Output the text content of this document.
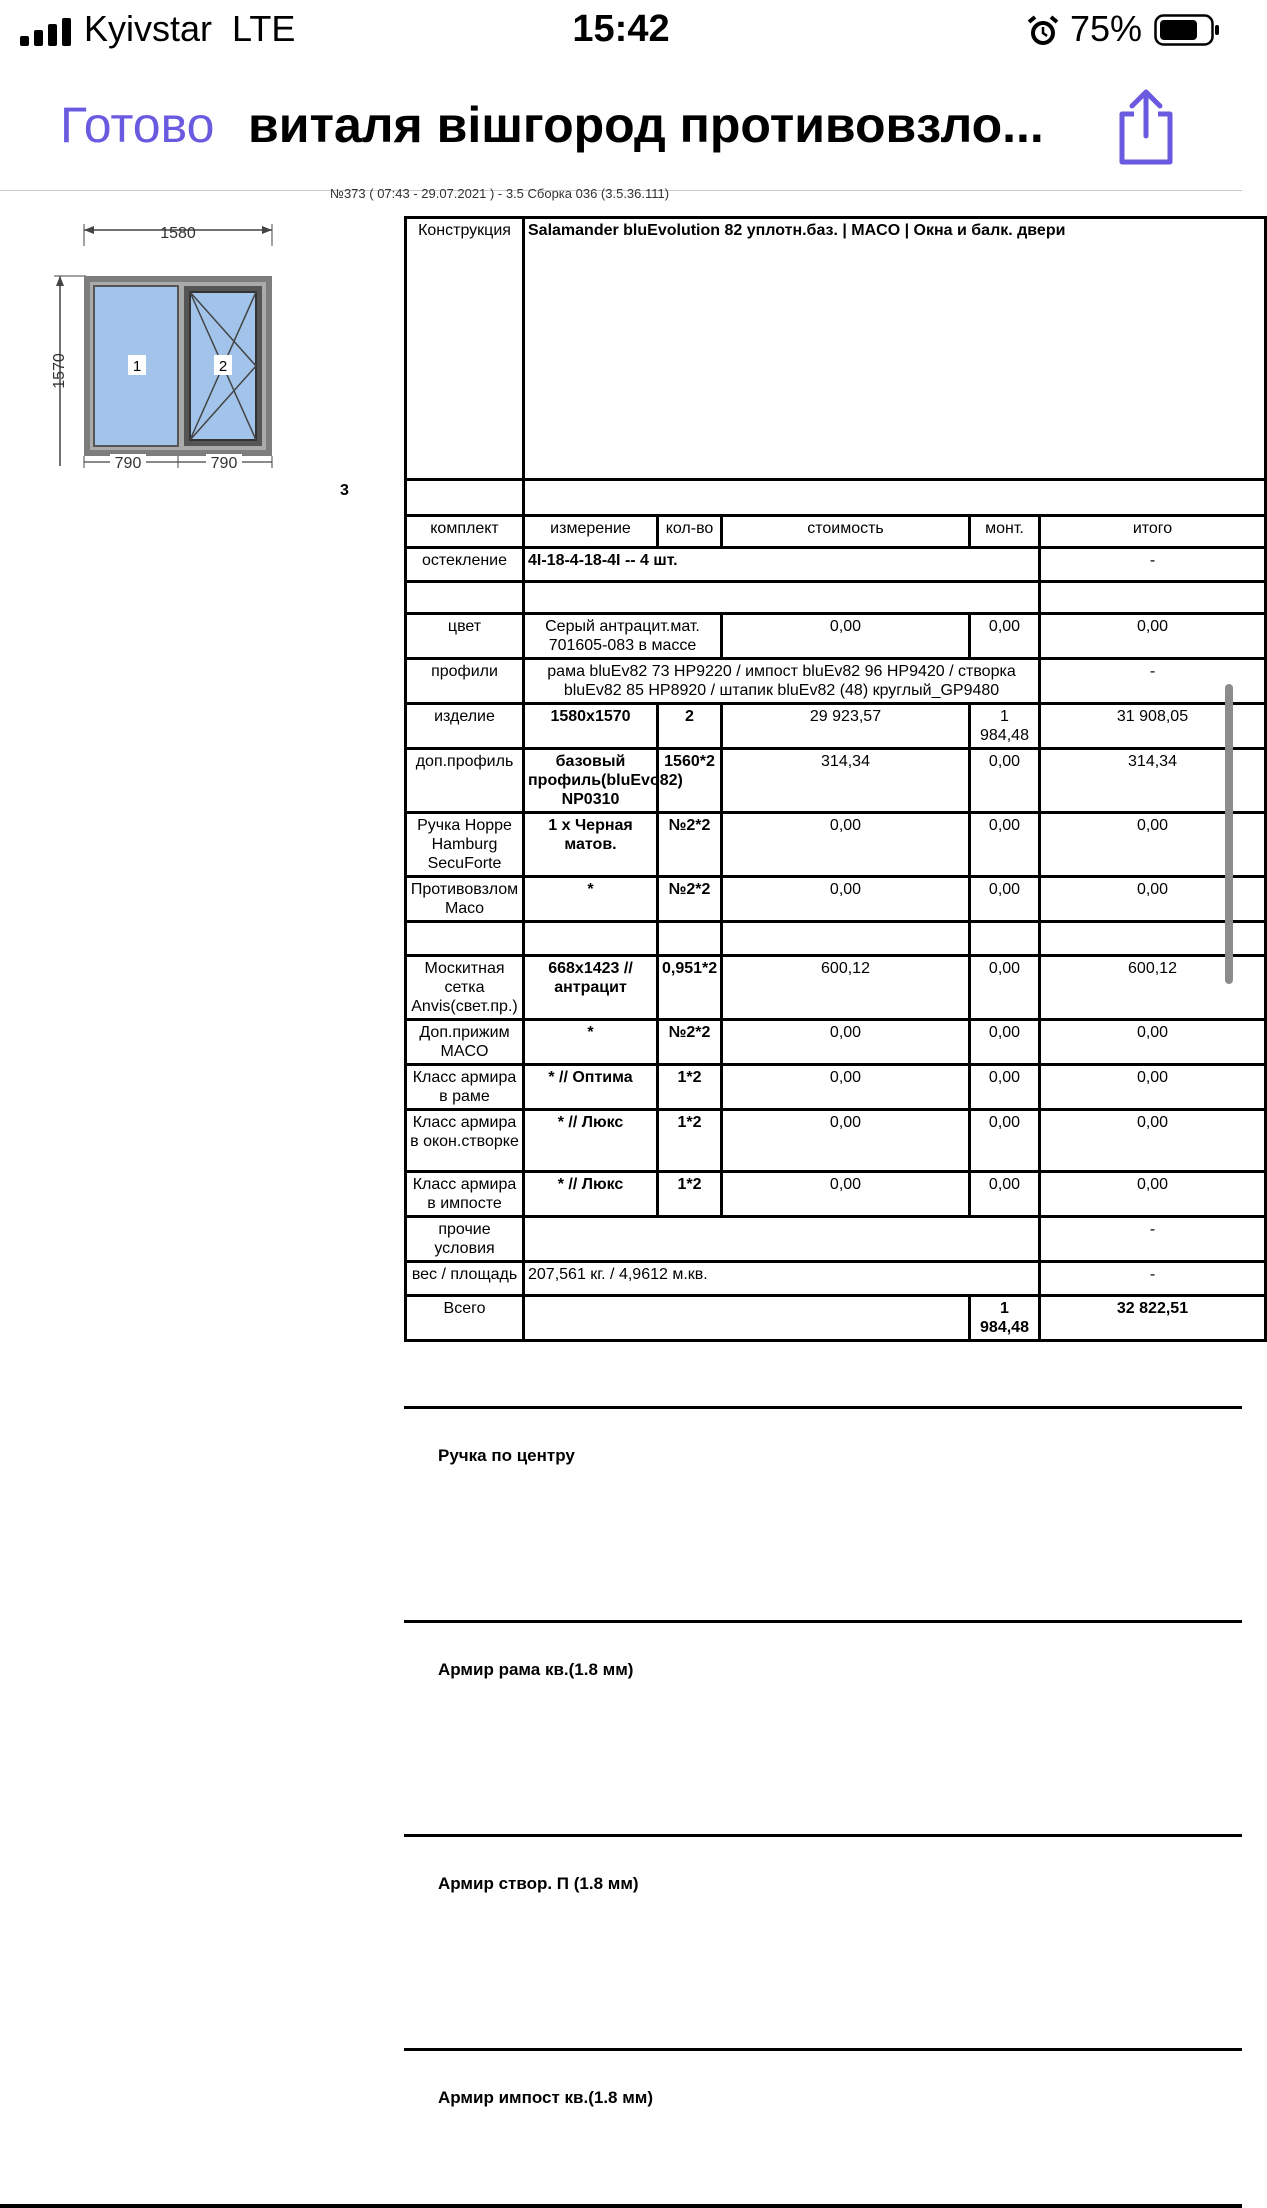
Kyivstar LTE	15:42	75%
Готово виталя вішгород противовзло...
№373 ( 07:43 - 29.07.2021 ) - 3.5 Сборка 036 (3.5.36.111)
1580
1570	1	2
790	790
3
Конструкция	Salamander bluEvolution 82 уплотн.баз. | MACO | Окна и балк. двери				

комплект	измерение	кол-во	стоимость	монт.	итого
остекление	4I-18-4-18-4I -- 4 шт.				-

цвет	Серый антрацит.мат. 701605-083 в массе		0,00	0,00	0,00
профили	рама bluEv82 73 HP9220 / импост bluEv82 96 HP9420 / створка bluEv82 85 HP8920 / штапик bluEv82 (48) круглый_GP9480				-
изделие	1580x1570	2	29 923,57	1 984,48	31 908,05
доп.профиль	базовый профиль(bluEvo82) NP0310	1560*2	314,34	0,00	314,34
Ручка Hoppe Hamburg SecuForte	1 x Черная матов.	№2*2	0,00	0,00	0,00
Противовзлом Maco	*	№2*2	0,00	0,00	0,00

Москитная сетка Anvis(свет.пр.)	668x1423 // антрацит	0,951*2	600,12	0,00	600,12
Доп.прижим MACO	*	№2*2	0,00	0,00	0,00
Класс армира в раме	* // Оптима	1*2	0,00	0,00	0,00
Класс армира в окон.створке	* // Люкс	1*2	0,00	0,00	0,00
Класс армира в импосте	* // Люкс	1*2	0,00	0,00	0,00
прочие условия					-
вес / площадь	207,561 кг. / 4,9612 м.кв.				-
Всего				1 984,48	32 822,51
Ручка по центру
Армир рама кв.(1.8 мм)
Армир створ. П (1.8 мм)
Армир импост кв.(1.8 мм)
